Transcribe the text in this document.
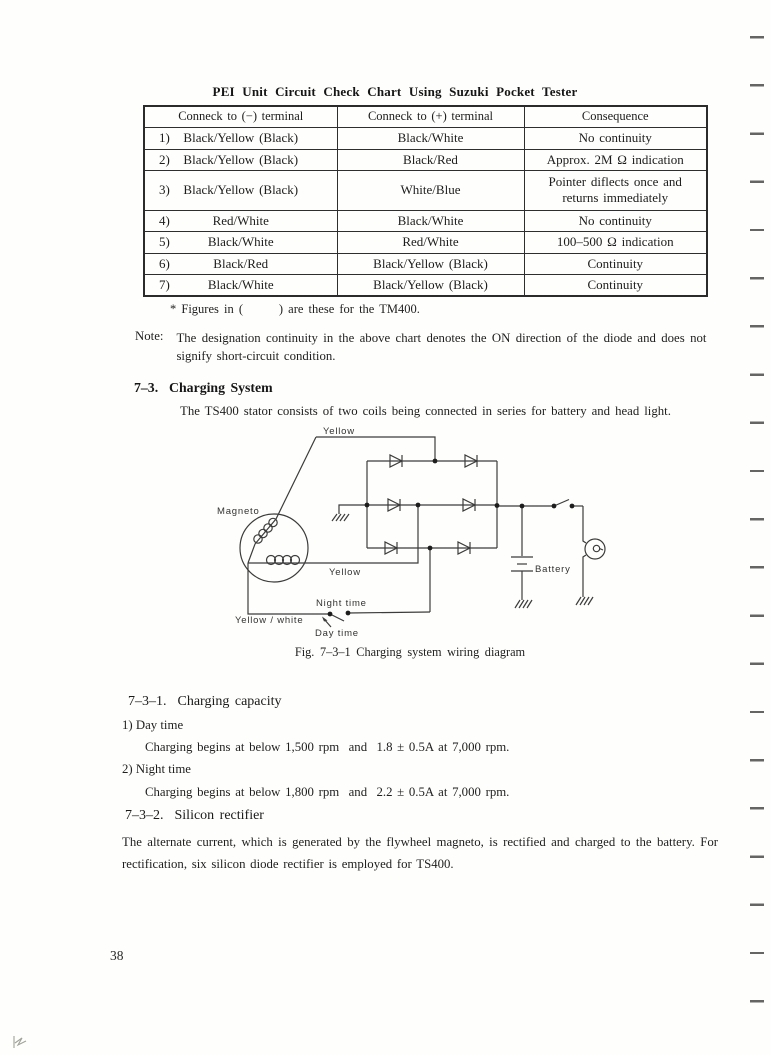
PEI Unit Circuit Check Chart Using Suzuki Pocket Tester
Conneck to (−) terminal	Conneck to (+) terminal	Consequence

1) Black/Yellow (Black)	Black/White	No continuity

2) Black/Yellow (Black)	Black/Red	Approx. 2M Ω indication

3) Black/Yellow (Black)	White/Blue	Pointer diflects once and returns immediately

4) Red/White	Black/White	No continuity

5) Black/White	Red/White	100–500 Ω indication

6) Black/Red	Black/Yellow (Black)	Continuity

7) Black/White	Black/Yellow (Black)	Continuity
* Figures in (       ) are these for the TM400.
Note: The designation continuity in the above chart denotes the ON direction of the diode and does not signify short-circuit condition.
7–3.  Charging System
The TS400 stator consists of two coils being connected in series for battery and head light.
Magneto
Yellow
Yellow
Yellow / white
Night time
Day time
Battery
Fig. 7–3–1 Charging system wiring diagram
7–3–1.  Charging capacity
1) Day time
Charging begins at below 1,500 rpm  and  1.8 ± 0.5A at 7,000 rpm.
2) Night time
Charging begins at below 1,800 rpm  and  2.2 ± 0.5A at 7,000 rpm.
7–3–2.  Silicon rectifier
The alternate current, which is generated by the flywheel magneto, is rectified and charged to the battery. For rectification, six silicon diode rectifier is employed for TS400.
38
